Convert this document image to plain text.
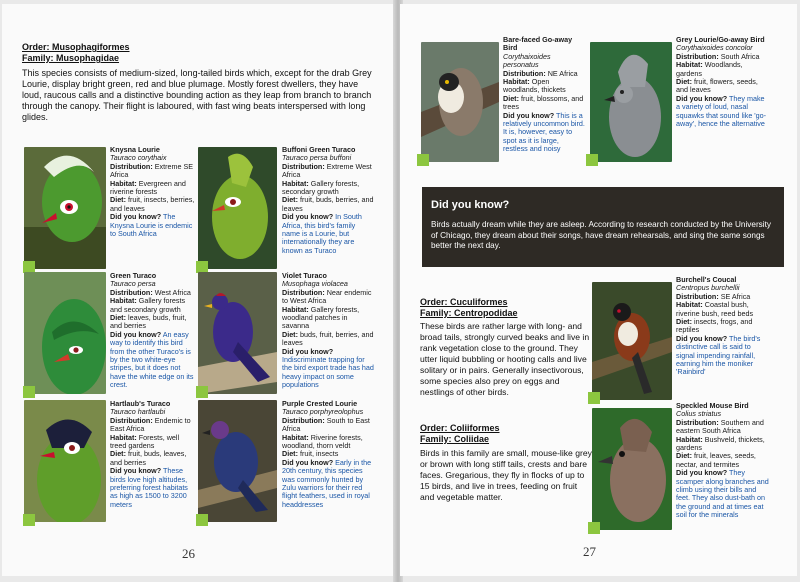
Order: Musophagiformes
Family: Musophagidae
This species consists of medium-sized, long-tailed birds which, except for the drab Grey Lourie, display bright green, red and blue plumage. Mostly forest dwellers, they have loud, raucous calls and a distinctive bounding action as they leap from branch to branch through the canopy. Their flight is laboured, with fast wing beats interspersed with long glides.
Knysna Lourie
Tauraco corythaix
Distribution: Extreme SE Africa
Habitat: Evergreen and riverine forests
Diet: fruit, insects, berries, and leaves
Did you know? The Knysna Lourie is endemic to South Africa
Buffoni Green Turaco
Tauraco persa buffoni
Distribution: Extreme West Africa
Habitat: Gallery forests, secondary growth
Diet: fruit, buds, berries, and leaves
Did you know? In South Africa, this bird's family name is a Lourie, but internationally they are known as Turaco
Green Turaco
Tauraco persa
Distribution: West Africa
Habitat: Gallery forests and secondary growth
Diet: leaves, buds, fruit, and berries
Did you know? An easy way to identify this bird from the other Turaco's is by the two white-eye stripes, but it does not have the white edge on its crest.
Violet Turaco
Musophaga violacea
Distribution: Near endemic to West Africa
Habitat: Gallery forests, woodland patches in savanna
Diet: buds, fruit, berries, and leaves
Did you know? Indiscriminate trapping for the bird export trade has had heavy impact on some populations
Hartlaub's Turaco
Tauraco hartlaubi
Distribution: Endemic to East Africa
Habitat: Forests, well treed gardens
Diet: fruit, buds, leaves, and berries
Did you know? These birds love high altitudes, preferring forest habitats as high as 1500 to 3200 meters
Purple Crested Lourie
Tauraco porphyreolophus
Distribution: South to East Africa
Habitat: Riverine forests, woodland, thorn veldt
Diet: fruit, insects
Did you know? Early in the 20th century, this species was commonly hunted by Zulu warriors for their red flight feathers, used in royal headdresses
26
Bare-faced Go-away Bird
Corythaixoides personatus
Distribution: NE Africa
Habitat: Open woodlands, thickets
Diet: fruit, blossoms, and trees
Did you know? This is a relatively uncommon bird. It is, however, easy to spot as it is large, restless and noisy
Grey Lourie/Go-away Bird
Corythaixoides concolor
Distribution: South Africa
Habitat: Woodlands, gardens
Diet: fruit, flowers, seeds, and leaves
Did you know? They make a variety of loud, nasal squawks that sound like 'go-away', hence the alternative
Did you know?
Birds actually dream while they are asleep. According to research conducted by the University of Chicago, they dream about their songs, have dream rehearsals, and sing the same songs better the next day.
Order: Cuculiformes
Family: Centropodidae
These birds are rather large with long- and broad tails, strongly curved beaks and live in rank vegetation close to the ground. They utter liquid bubbling or hooting calls and live solitary or in pairs. Generally insectivorous, some species also prey on eggs and nestlings of other birds.
Burchell's Coucal
Centropus burchellii
Distribution: SE Africa
Habitat: Coastal bush, riverine bush, reed beds
Diet: insects, frogs, and reptiles
Did you know? The bird's distinctive call is said to signal impending rainfall, earning him the moniker 'Rainbird'
Order: Coliiformes
Family: Coliidae
Birds in this family are small, mouse-like grey or brown with long stiff tails, crests and bare faces. Gregarious, they fly in flocks of up to 15 birds, and live in trees, feeding on fruit and vegetable matter.
Speckled Mouse Bird
Colius striatus
Distribution: Southern and eastern South Africa
Habitat: Bushveld, thickets, gardens
Diet: fruit, leaves, seeds, nectar, and termites
Did you know? They scamper along branches and climb using their bills and feet. They also dust-bath on the ground and at times eat soil for the minerals
27
